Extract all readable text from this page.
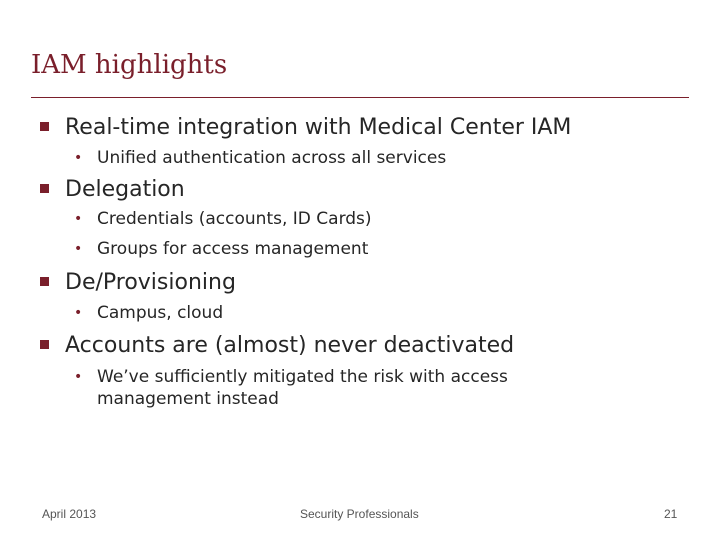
IAM highlights
Real-time integration with Medical Center IAM
• Unified authentication across all services
Delegation
• Credentials (accounts, ID Cards)
• Groups for access management
De/Provisioning
• Campus, cloud
Accounts are (almost) never deactivated
• We’ve sufficiently mitigated the risk with access management instead
April 2013	Security Professionals	21
